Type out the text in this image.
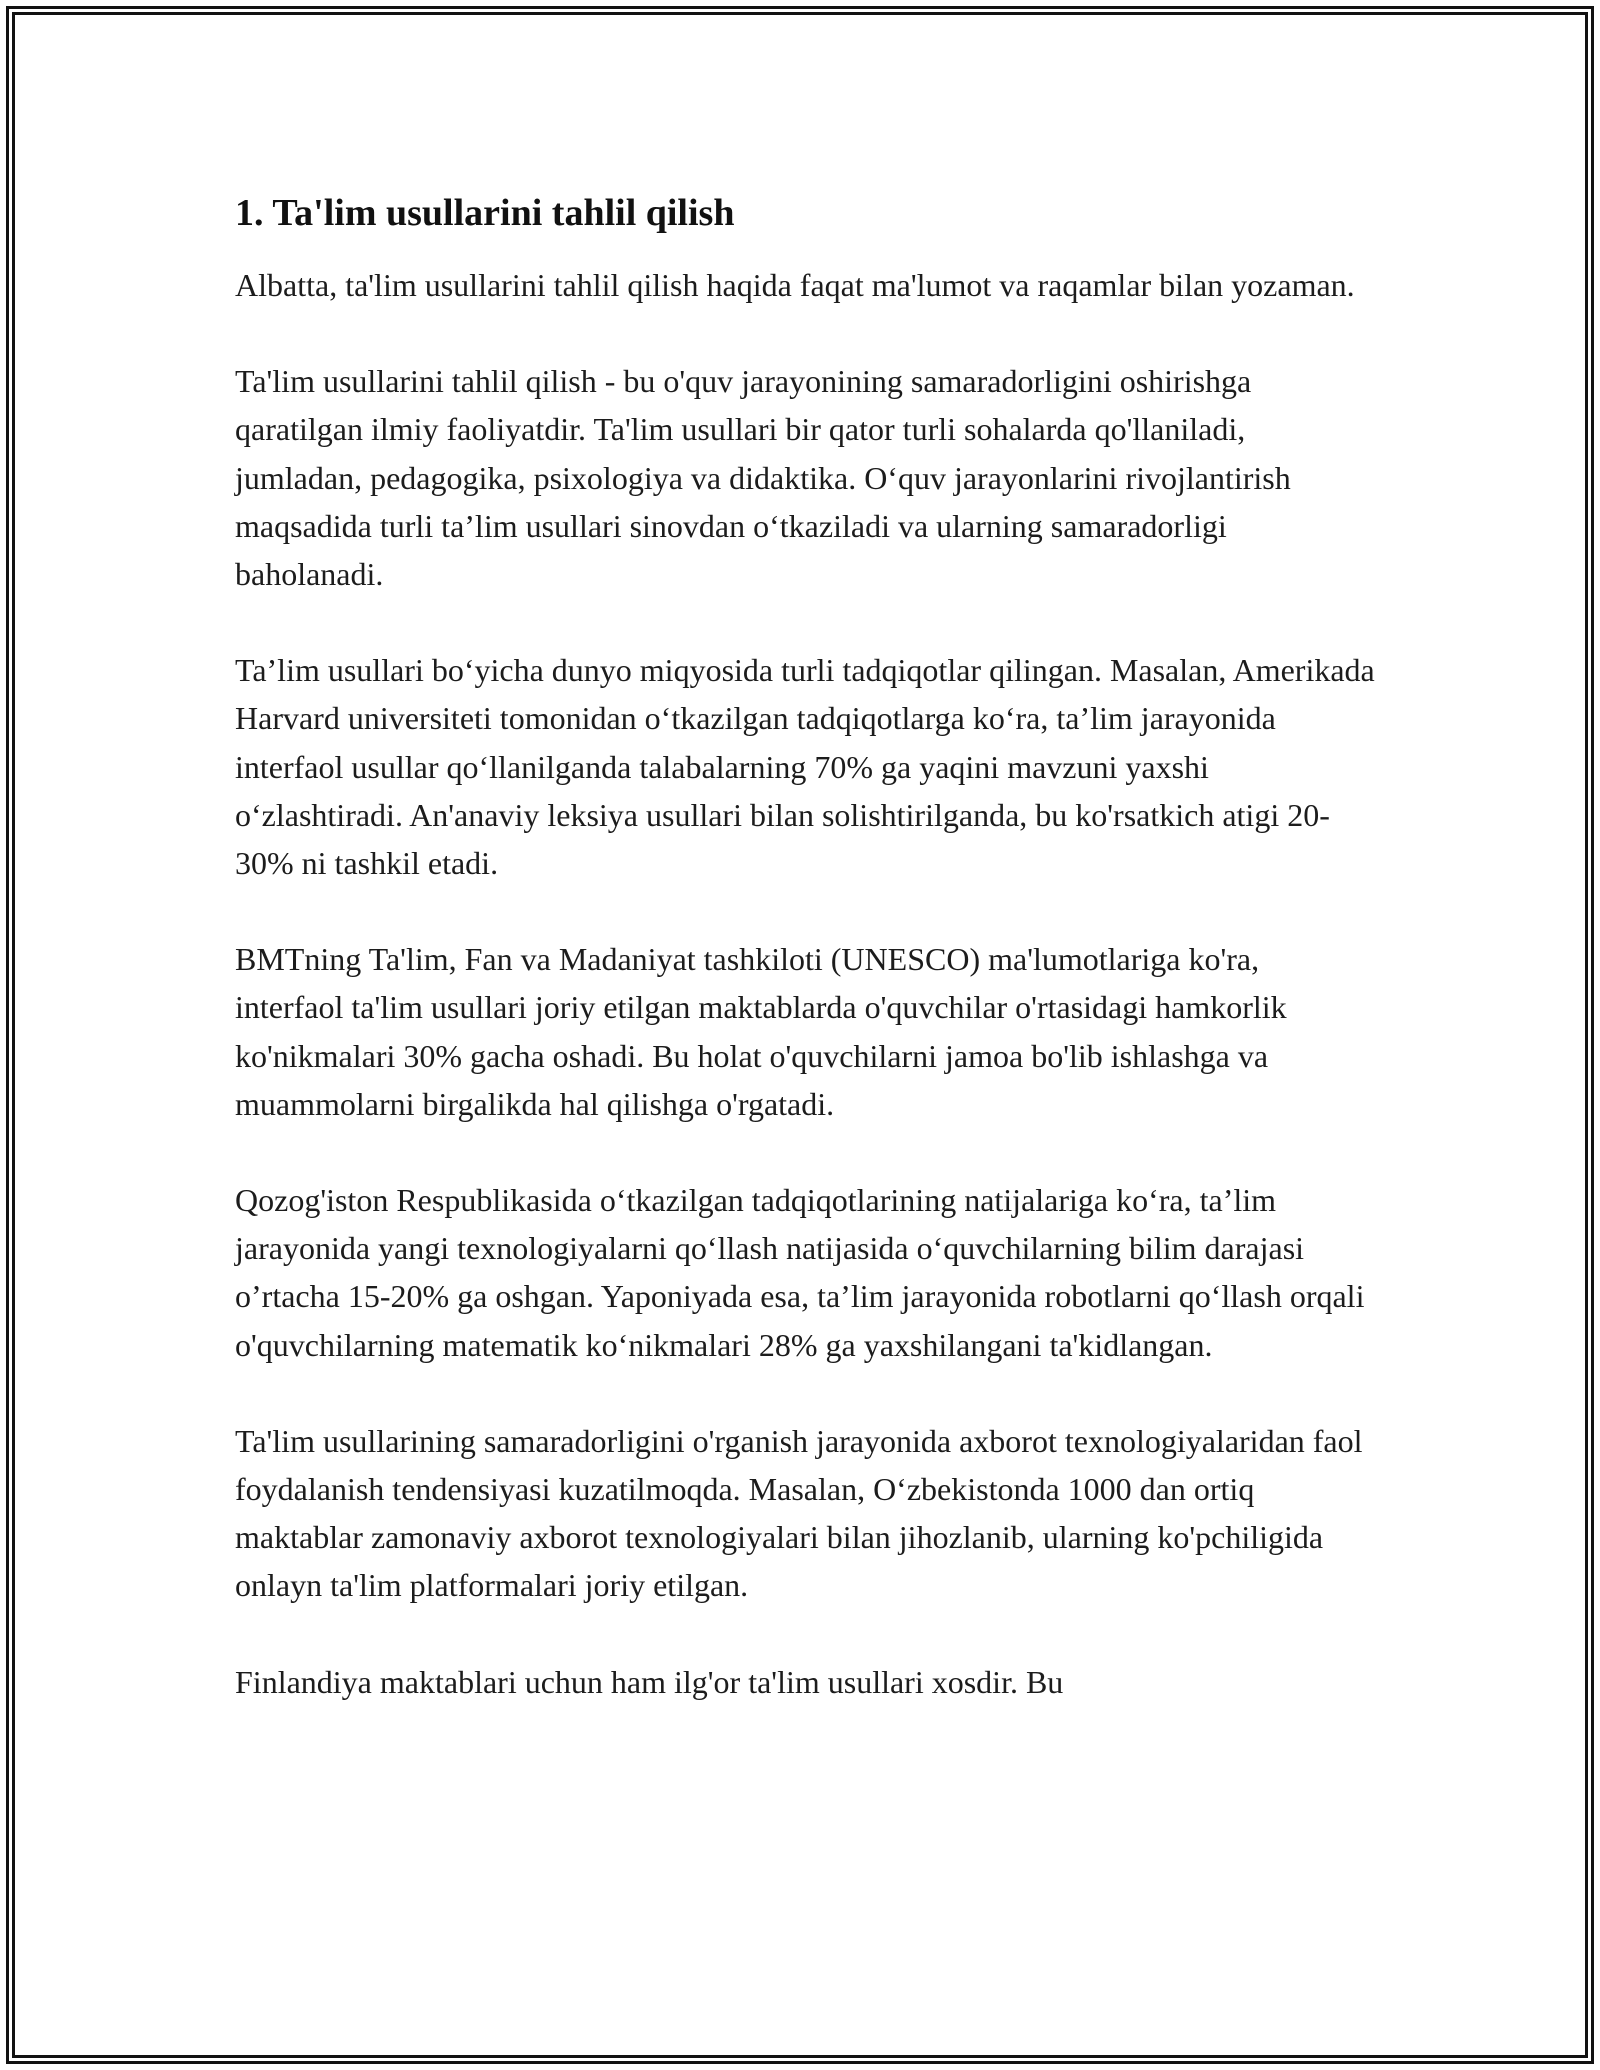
1. Ta'lim usullarini tahlil qilish

Albatta, ta'lim usullarini tahlil qilish haqida faqat ma'lumot va raqamlar bilan yozaman.

Ta'lim usullarini tahlil qilish - bu o'quv jarayonining samaradorligini oshirishga qaratilgan ilmiy faoliyatdir. Ta'lim usullari bir qator turli sohalarda qo'llaniladi, jumladan, pedagogika, psixologiya va didaktika. O‘quv jarayonlarini rivojlantirish maqsadida turli ta’lim usullari sinovdan o‘tkaziladi va ularning samaradorligi baholanadi.

Ta’lim usullari bo‘yicha dunyo miqyosida turli tadqiqotlar qilingan. Masalan, Amerikada Harvard universiteti tomonidan o‘tkazilgan tadqiqotlarga ko‘ra, ta’lim jarayonida interfaol usullar qo‘llanilganda talabalarning 70% ga yaqini mavzuni yaxshi o‘zlashtiradi. An'anaviy leksiya usullari bilan solishtirilganda, bu ko'rsatkich atigi 20-30% ni tashkil etadi.

BMTning Ta'lim, Fan va Madaniyat tashkiloti (UNESCO) ma'lumotlariga ko'ra, interfaol ta'lim usullari joriy etilgan maktablarda o'quvchilar o'rtasidagi hamkorlik ko'nikmalari 30% gacha oshadi. Bu holat o'quvchilarni jamoa bo'lib ishlashga va muammolarni birgalikda hal qilishga o'rgatadi.

Qozog'iston Respublikasida o‘tkazilgan tadqiqotlarining natijalariga ko‘ra, ta’lim jarayonida yangi texnologiyalarni qo‘llash natijasida o‘quvchilarning bilim darajasi o’rtacha 15-20% ga oshgan. Yaponiyada esa, ta’lim jarayonida robotlarni qo‘llash orqali o'quvchilarning matematik ko‘nikmalari 28% ga yaxshilangani ta'kidlangan.

Ta'lim usullarining samaradorligini o'rganish jarayonida axborot texnologiyalaridan faol foydalanish tendensiyasi kuzatilmoqda. Masalan, O‘zbekistonda 1000 dan ortiq maktablar zamonaviy axborot texnologiyalari bilan jihozlanib, ularning ko'pchiligida onlayn ta'lim platformalari joriy etilgan.

Finlandiya maktablari uchun ham ilg'or ta'lim usullari xosdir. Bu
